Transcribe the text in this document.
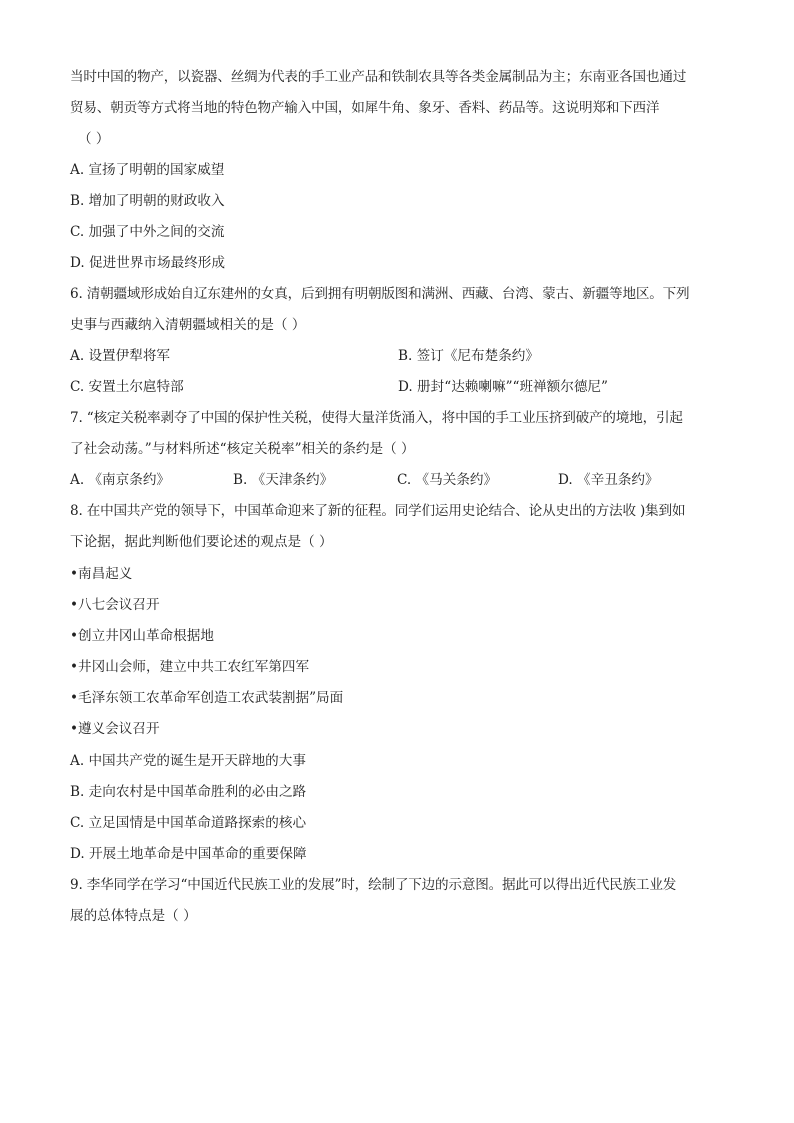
当时中国的物产，以瓷器、丝绸为代表的手工业产品和铁制农具等各类金属制品为主；东南亚各国也通过
贸易、朝贡等方式将当地的特色物产输入中国，如犀牛角、象牙、香料、药品等。这说明郑和下西洋
（ ）
A. 宣扬了明朝的国家威望
B. 增加了明朝的财政收入
C. 加强了中外之间的交流
D. 促进世界市场最终形成
6. 清朝疆域形成始自辽东建州的女真，后到拥有明朝版图和满洲、西藏、台湾、蒙古、新疆等地区。下列
史事与西藏纳入清朝疆域相关的是（ ）
A. 设置伊犁将军	B. 签订《尼布楚条约》
C. 安置土尔扈特部	D. 册封“达赖喇嘛”“班禅额尔德尼”
7. “核定关税率剥夺了中国的保护性关税，使得大量洋货涌入，将中国的手工业压挤到破产的境地，引起
了社会动荡。”与材料所述“核定关税率”相关的条约是（ ）
A. 《南京条约》	B. 《天津条约》	C. 《马关条约》	D. 《辛丑条约》
8. 在中国共产党的领导下，中国革命迎来了新的征程。同学们运用史论结合、论从史出的方法收 )集到如
下论据，据此判断他们要论述的观点是（ ）
•南昌起义
•八七会议召开
•创立井冈山革命根据地
•井冈山会师，建立中共工农红军第四军
•毛泽东领工农革命军创造工农武装割据”局面
•遵义会议召开
A. 中国共产党的诞生是开天辟地的大事
B. 走向农村是中国革命胜利的必由之路
C. 立足国情是中国革命道路探索的核心
D. 开展土地革命是中国革命的重要保障
9. 李华同学在学习“中国近代民族工业的发展”时，绘制了下边的示意图。据此可以得出近代民族工业发
展的总体特点是（ ）
